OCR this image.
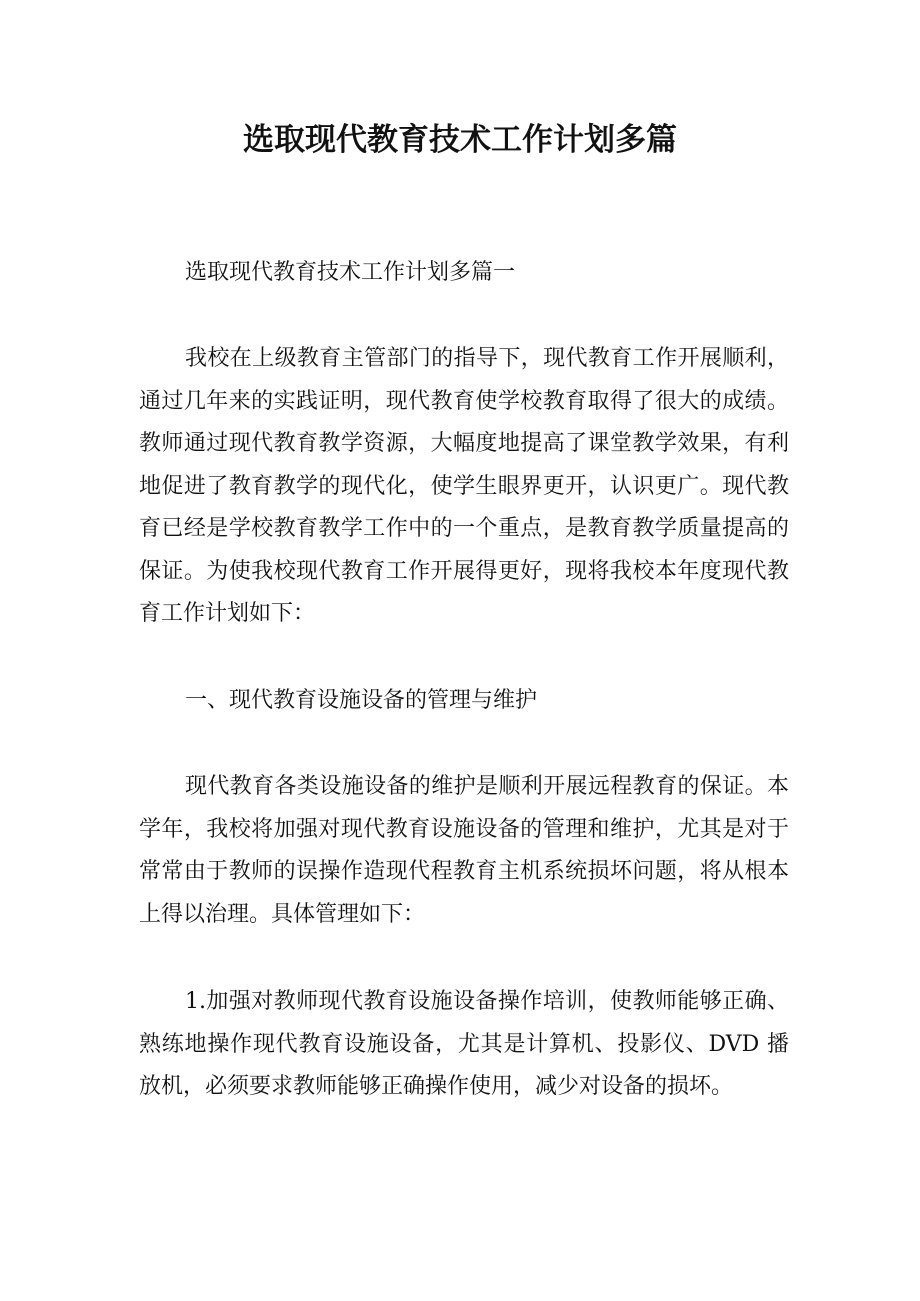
选取现代教育技术工作计划多篇

选取现代教育技术工作计划多篇一

我校在上级教育主管部门的指导下，现代教育工作开展顺利，通过几年来的实践证明，现代教育使学校教育取得了很大的成绩。教师通过现代教育教学资源，大幅度地提高了课堂教学效果，有利地促进了教育教学的现代化，使学生眼界更开，认识更广。现代教育已经是学校教育教学工作中的一个重点，是教育教学质量提高的保证。为使我校现代教育工作开展得更好，现将我校本年度现代教育工作计划如下：

一、现代教育设施设备的管理与维护

现代教育各类设施设备的维护是顺利开展远程教育的保证。本学年，我校将加强对现代教育设施设备的管理和维护，尤其是对于常常由于教师的误操作造现代程教育主机系统损坏问题，将从根本上得以治理。具体管理如下：

1.加强对教师现代教育设施设备操作培训，使教师能够正确、熟练地操作现代教育设施设备，尤其是计算机、投影仪、DVD 播放机，必须要求教师能够正确操作使用，减少对设备的损坏。
